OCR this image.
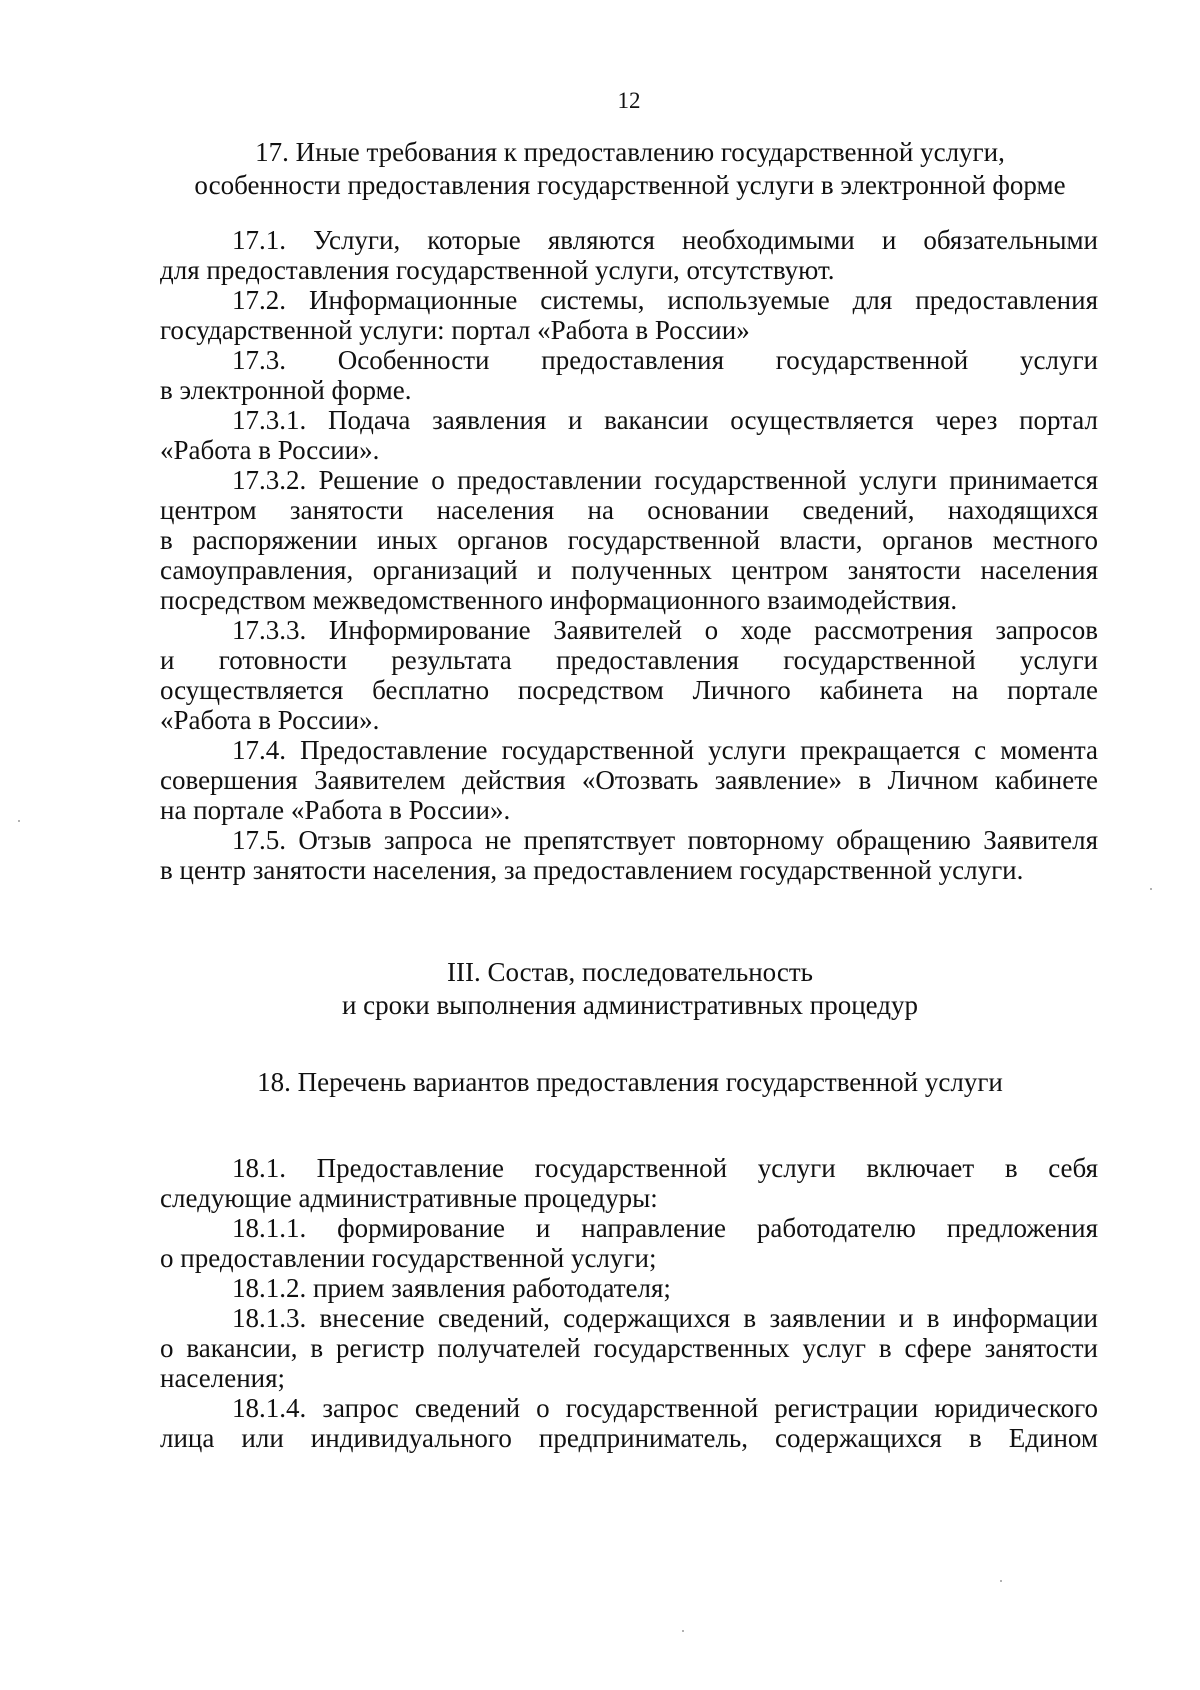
12
17. Иные требования к предоставлению государственной услуги,
особенности предоставления государственной услуги в электронной форме
17.1. Услуги, которые являются необходимыми и обязательными
для предоставления государственной услуги, отсутствуют.
17.2. Информационные системы, используемые для предоставления
государственной услуги: портал «Работа в России»
17.3. Особенности предоставления государственной услуги
в электронной форме.
17.3.1. Подача заявления и вакансии осуществляется через портал
«Работа в России».
17.3.2. Решение о предоставлении государственной услуги принимается
центром занятости населения на основании сведений, находящихся
в распоряжении иных органов государственной власти, органов местного
самоуправления, организаций и полученных центром занятости населения
посредством межведомственного информационного взаимодействия.
17.3.3. Информирование Заявителей о ходе рассмотрения запросов
и готовности результата предоставления государственной услуги
осуществляется бесплатно посредством Личного кабинета на портале
«Работа в России».
17.4. Предоставление государственной услуги прекращается с момента
совершения Заявителем действия «Отозвать заявление» в Личном кабинете
на портале «Работа в России».
17.5. Отзыв запроса не препятствует повторному обращению Заявителя
в центр занятости населения, за предоставлением государственной услуги.
III. Состав, последовательность
и сроки выполнения административных процедур
18. Перечень вариантов предоставления государственной услуги
18.1. Предоставление государственной услуги включает в себя
следующие административные процедуры:
18.1.1. формирование и направление работодателю предложения
о предоставлении государственной услуги;
18.1.2. прием заявления работодателя;
18.1.3. внесение сведений, содержащихся в заявлении и в информации
о вакансии, в регистр получателей государственных услуг в сфере занятости
населения;
18.1.4. запрос сведений о государственной регистрации юридического
лица или индивидуального предприниматель, содержащихся в Едином
